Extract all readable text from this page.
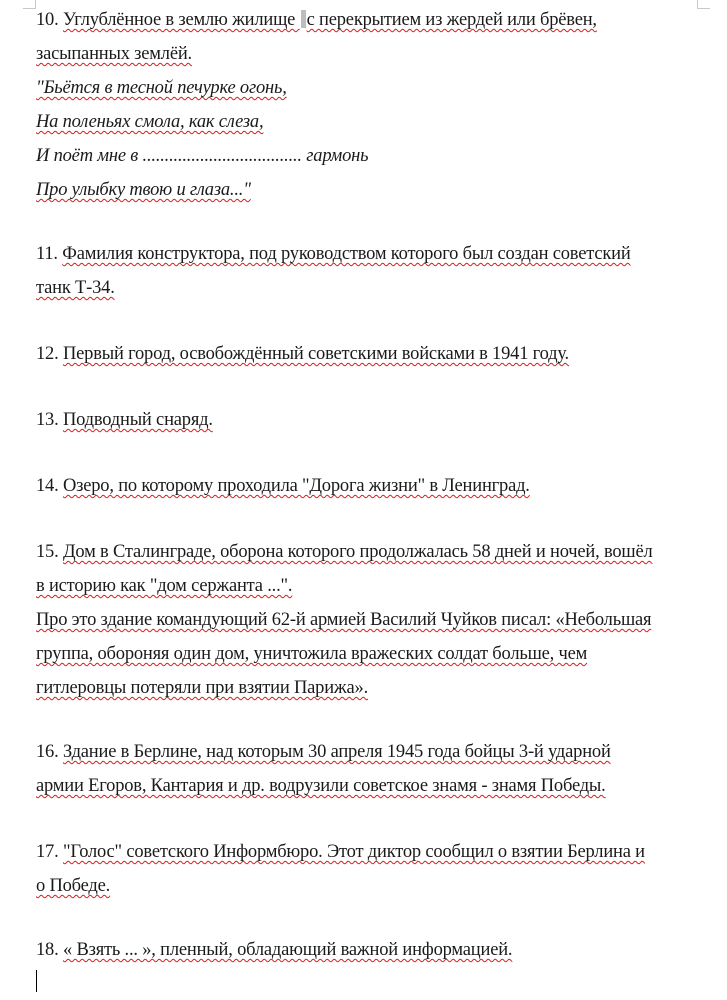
10. Углублённое в землю жилище с перекрытием из жердей или брёвен,
засыпанных землёй.
"Бьётся в тесной печурке огонь,
На поленьях смола, как слеза,
И поёт мне в .................................... гармонь
Про улыбку твою и глаза..."
11. Фамилия конструктора, под руководством которого был создан советский
танк Т-34.
12. Первый город, освобождённый советскими войсками в 1941 году.
13. Подводный снаряд.
14. Озеро, по которому проходила "Дорога жизни" в Ленинград.
15. Дом в Сталинграде, оборона которого продолжалась 58 дней и ночей, вошёл
в историю как "дом сержанта ...".
Про это здание командующий 62-й армией Василий Чуйков писал: «Небольшая
группа, обороняя один дом, уничтожила вражеских солдат больше, чем
гитлеровцы потеряли при взятии Парижа».
16. Здание в Берлине, над которым 30 апреля 1945 года бойцы 3-й ударной
армии Егоров, Кантария и др. водрузили советское знамя - знамя Победы.
17. "Голос" советского Информбюро. Этот диктор сообщил о взятии Берлина и
о Победе.
18. « Взять ... », пленный, обладающий важной информацией.
